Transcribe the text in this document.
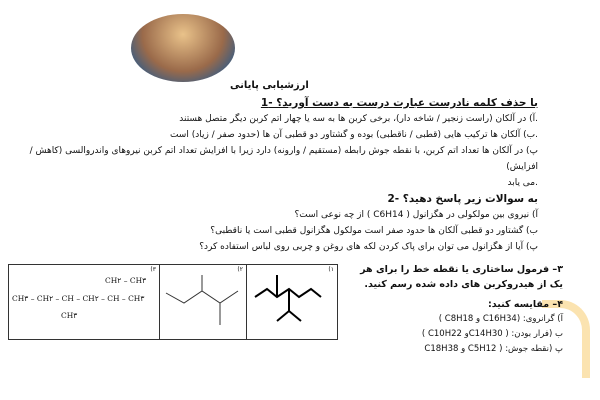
ارزشیابی پایانی
با حذف کلمه نادرست عبارت درست به دست آورید؟ -1
.آ) در آلکان (راست زنجیر / شاخه دار)، برخی کربن ها به سه یا چهار اتم کربن دیگر متصل هستند
.ب) آلکان ها ترکیب هایی (قطبی / ناقطبی) بوده و گشتاور دو قطبی آن ها (حدود صفر / زیاد) است
پ) در آلکان ها تعداد اتم کربن، با نقطه جوش رابطه (مستقیم / وارونه) دارد زیرا با افزایش تعداد اتم کربن نیروهای واندروالسی (کاهش / افزایش)
.می یابد
به سوالات زیر پاسخ دهید؟ -2
آ) نیروی بین مولکولی در هگزانول ( C6H14 ) از چه نوعی است؟
ب) گشتاور دو قطبی آلکان ها حدود صفر است مولکول هگزانول قطبی است یا ناقطبی؟
پ) آیا از هگزانول می توان برای پاک کردن لکه های روغن و چربی روی لباس استفاده کرد؟
(۳
CH۲ – CH۳
CH۳ – CH۲ – CH – CH۲ – CH – CH۳
CH۳

(۲	(۱	۳– فرمول ساختاری یا نقطه خط را برای هر
یک از هیدروکربن های داده شده رسم کنید.
۴– مقایسه کنید:
آ) گرانروی: (C16H34 و C8H18 )
ب (فرار بودن: ( C14H30و C10H22 )
پ (نقطه جوش: ( C5H12 و C18H38
